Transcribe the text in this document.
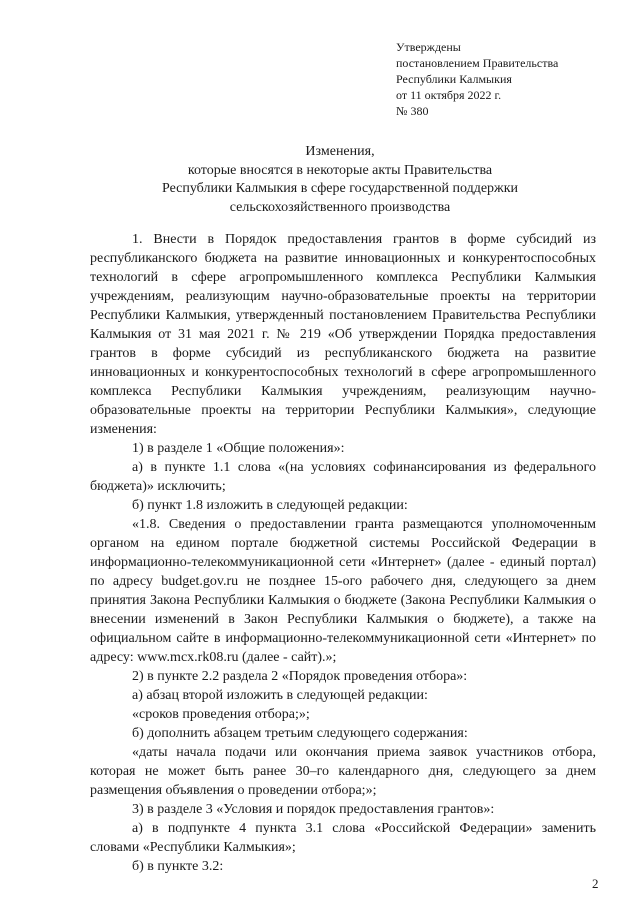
Утверждены
постановлением Правительства
Республики Калмыкия
от 11 октября 2022 г.
№ 380
Изменения,
которые вносятся в некоторые акты Правительства
Республики Калмыкия в сфере государственной поддержки
сельскохозяйственного производства

1. Внести в Порядок предоставления грантов в форме субсидий из республиканского бюджета на развитие инновационных и конкурентоспособных технологий в сфере агропромышленного комплекса Республики Калмыкия учреждениям, реализующим научно-образовательные проекты на территории Республики Калмыкия, утвержденный постановлением Правительства Республики Калмыкия от 31 мая 2021 г. № 219 «Об утверждении Порядка предоставления грантов в форме субсидий из республиканского бюджета на развитие инновационных и конкурентоспособных технологий в сфере агропромышленного комплекса Республики Калмыкия учреждениям, реализующим научно-образовательные проекты на территории Республики Калмыкия», следующие изменения:

1) в разделе 1 «Общие положения»:

а) в пункте 1.1 слова «(на условиях софинансирования из федерального бюджета)» исключить;

б) пункт 1.8 изложить в следующей редакции:

«1.8. Сведения о предоставлении гранта размещаются уполномоченным органом на едином портале бюджетной системы Российской Федерации в информационно-телекоммуникационной сети «Интернет» (далее - единый портал) по адресу budget.gov.ru не позднее 15-ого рабочего дня, следующего за днем принятия Закона Республики Калмыкия о бюджете (Закона Республики Калмыкия о внесении изменений в Закон Республики Калмыкия о бюджете), а также на официальном сайте в информационно-телекоммуникационной сети «Интернет» по адресу: www.mcx.rk08.ru (далее - сайт).»;

2) в пункте 2.2 раздела 2 «Порядок проведения отбора»:

а) абзац второй изложить в следующей редакции:

«сроков проведения отбора;»;

б) дополнить абзацем третьим следующего содержания:

«даты начала подачи или окончания приема заявок участников отбора, которая не может быть ранее 30–го календарного дня, следующего за днем размещения объявления о проведении отбора;»;

3) в разделе 3 «Условия и порядок предоставления грантов»:

а) в подпункте 4 пункта 3.1 слова «Российской Федерации» заменить словами «Республики Калмыкия»;

б) в пункте 3.2:

2
